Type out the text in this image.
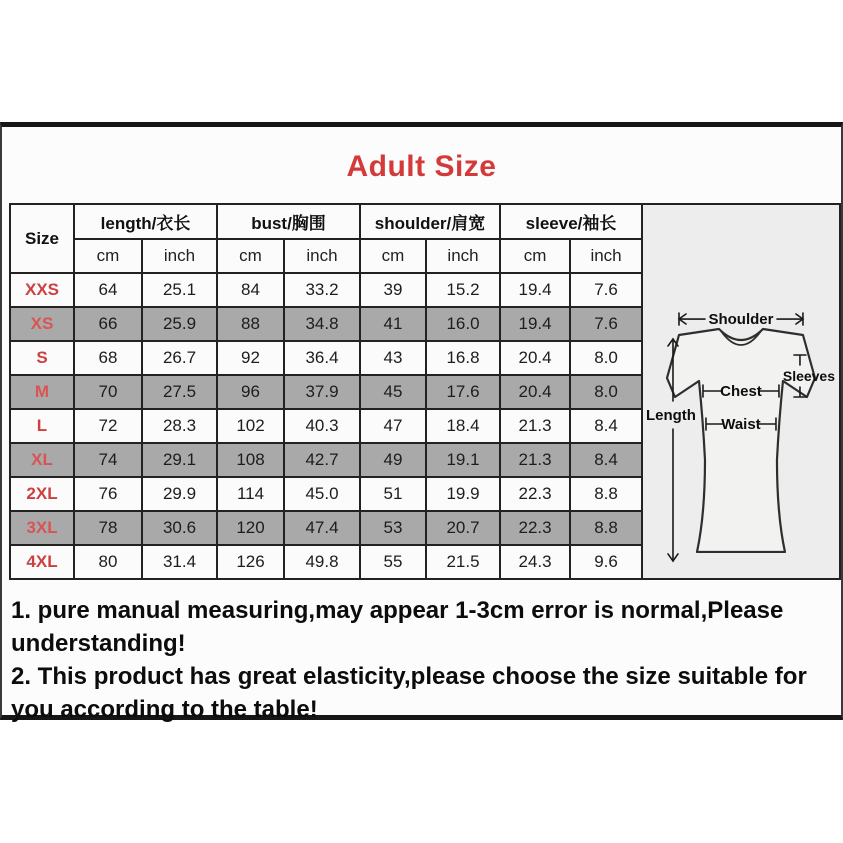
Adult Size
Size	length/衣长		bust/胸围		shoulder/肩宽		sleeve/袖长	
	cm	inch	cm	inch	cm	inch	cm	inch
XXS	64	25.1	84	33.2	39	15.2	19.4	7.6
XS	66	25.9	88	34.8	41	16.0	19.4	7.6
S	68	26.7	92	36.4	43	16.8	20.4	8.0
M	70	27.5	96	37.9	45	17.6	20.4	8.0
L	72	28.3	102	40.3	47	18.4	21.3	8.4
XL	74	29.1	108	42.7	49	19.1	21.3	8.4
2XL	76	29.9	114	45.0	51	19.9	22.3	8.8
3XL	78	30.6	120	47.4	53	20.7	22.3	8.8
4XL	80	31.4	126	49.8	55	21.5	24.3	9.6
Shoulder
Length
Sleeves
Chest
Waist

1. pure manual measuring,may appear 1-3cm error is normal,Please understanding!

2. This product has great elasticity,please choose the size suitable for you according to the table!
